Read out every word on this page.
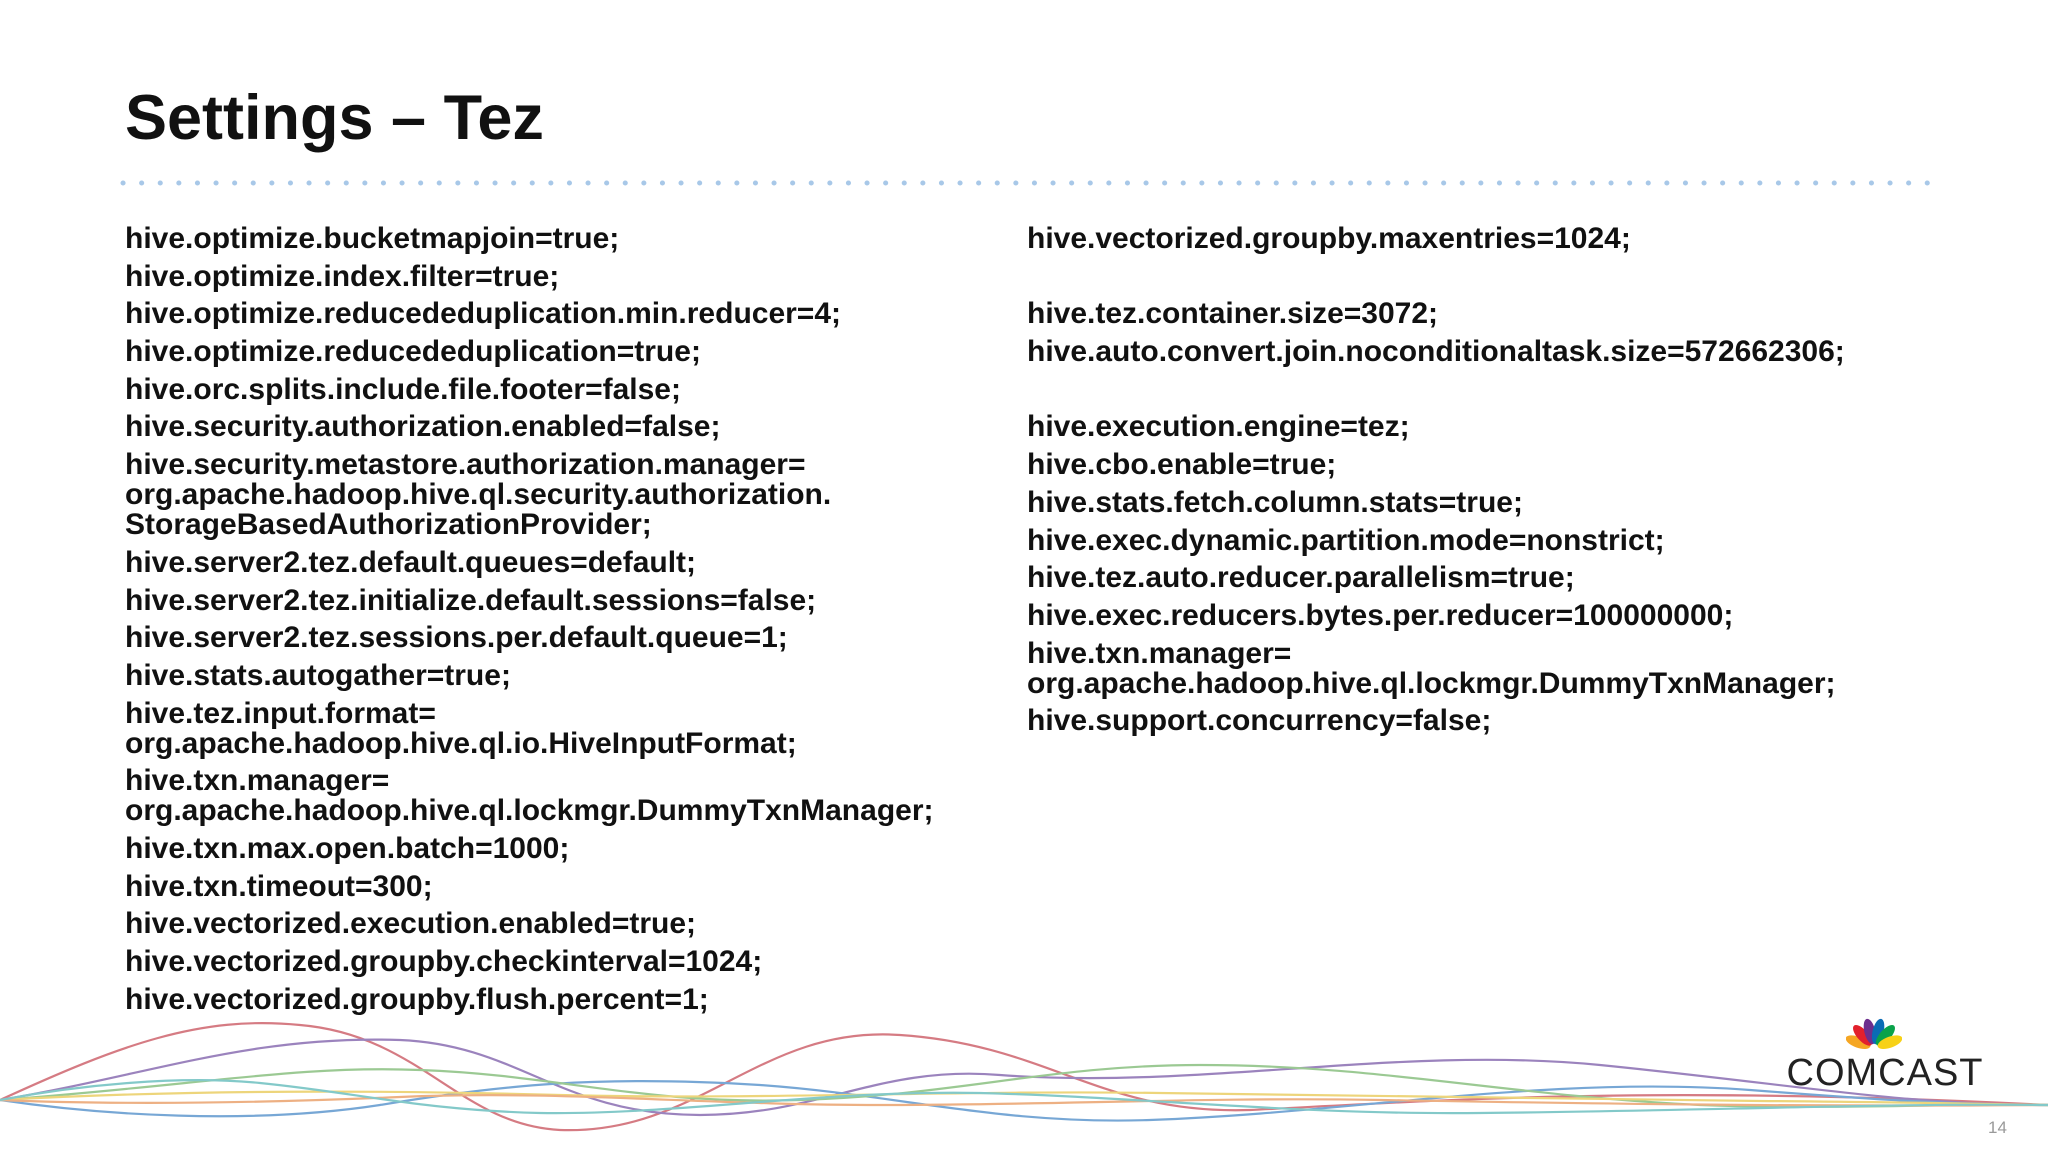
Settings – Tez
hive.optimize.bucketmapjoin=true;
hive.optimize.index.filter=true;
hive.optimize.reducededuplication.min.reducer=4;
hive.optimize.reducededuplication=true;
hive.orc.splits.include.file.footer=false;
hive.security.authorization.enabled=false;
hive.security.metastore.authorization.manager=
org.apache.hadoop.hive.ql.security.authorization.
StorageBasedAuthorizationProvider;
hive.server2.tez.default.queues=default;
hive.server2.tez.initialize.default.sessions=false;
hive.server2.tez.sessions.per.default.queue=1;
hive.stats.autogather=true;
hive.tez.input.format=
org.apache.hadoop.hive.ql.io.HiveInputFormat;
hive.txn.manager=
org.apache.hadoop.hive.ql.lockmgr.DummyTxnManager;
hive.txn.max.open.batch=1000;
hive.txn.timeout=300;
hive.vectorized.execution.enabled=true;
hive.vectorized.groupby.checkinterval=1024;
hive.vectorized.groupby.flush.percent=1;
hive.vectorized.groupby.maxentries=1024;
hive.tez.container.size=3072;
hive.auto.convert.join.noconditionaltask.size=572662306;
hive.execution.engine=tez;
hive.cbo.enable=true;
hive.stats.fetch.column.stats=true;
hive.exec.dynamic.partition.mode=nonstrict;
hive.tez.auto.reducer.parallelism=true;
hive.exec.reducers.bytes.per.reducer=100000000;
hive.txn.manager=
org.apache.hadoop.hive.ql.lockmgr.DummyTxnManager;
hive.support.concurrency=false;
COMCAST
14
